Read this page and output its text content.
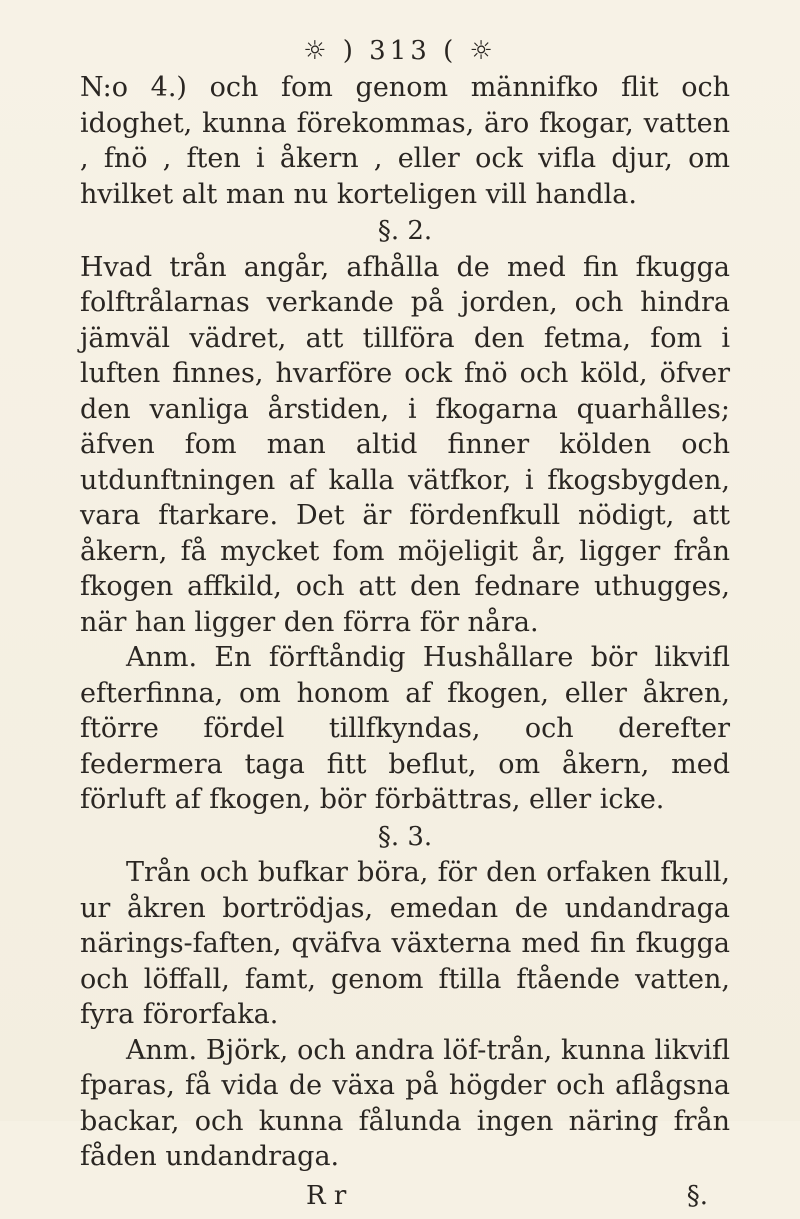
☼ ) 313 ( ☼

N:o 4.) och fom genom männifko flit och idoghet, kunna förekommas, äro fkogar, vatten , fnö , ften i åkern , eller ock vifla djur, om hvilket alt man nu korteligen vill handla.

§. 2.

Hvad trån angår, afhålla de med fin fkugga folftrålarnas verkande på jorden, och hindra jämväl vädret, att tillföra den fetma, fom i luften finnes, hvarföre ock fnö och köld, öfver den vanliga årstiden, i fkogarna quarhålles; äfven fom man altid finner kölden och utdunftningen af kalla vätfkor, i fkogsbygden, vara ftarkare. Det är fördenfkull nödigt, att åkern, få mycket fom möjeligit år, ligger från fkogen affkild, och att den fednare uthugges, när han ligger den förra för nåra.

Anm. En förftåndig Hushållare bör likvifl efterfinna, om honom af fkogen, eller åkren, ftörre fördel tillfkyndas, och derefter federmera taga fitt beflut, om åkern, med förluft af fkogen, bör förbättras, eller icke.

§. 3.

Trån och bufkar böra, för den orfaken fkull, ur åkren bortrödjas, emedan de undandraga närings-faften, qväfva växterna med fin fkugga och löffall, famt, genom ftilla ftående vatten, fyra förorfaka.

Anm. Björk, och andra löf-trån, kunna likvifl fparas, få vida de växa på högder och aflågsna backar, och kunna fålunda ingen näring från fåden undandraga.

R r	§.
